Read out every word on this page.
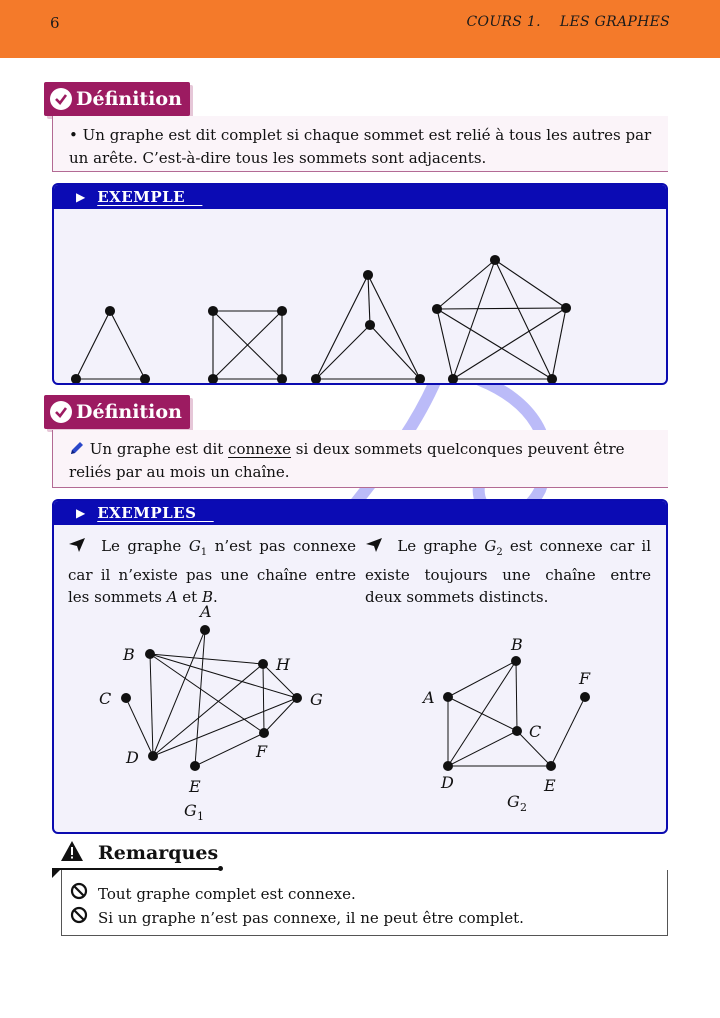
6	COURS 1.    LES GRAPHES
Définition
• Un graphe est dit complet si chaque sommet est relié à tous les autres par un arête. C’est-à-dire tous les sommets sont adjacents.
▶ EXEMPLE
Définition
Un graphe est dit connexe si deux sommets quelconques peuvent être reliés par au mois un chaîne.
▶ EXEMPLES
Le graphe $G_1$ n’est pas connexe car il n’existe pas une chaîne entre les sommets A et B.
Le graphe $G_2$ est connexe car il existe toujours une chaîne entre deux sommets distincts.
A
B
C
D
E
F
G
H
G 1
A
B
C
D	E
F
G 2
Remarques
Tout graphe complet est connexe.
Si un graphe n’est pas connexe, il ne peut être complet.
